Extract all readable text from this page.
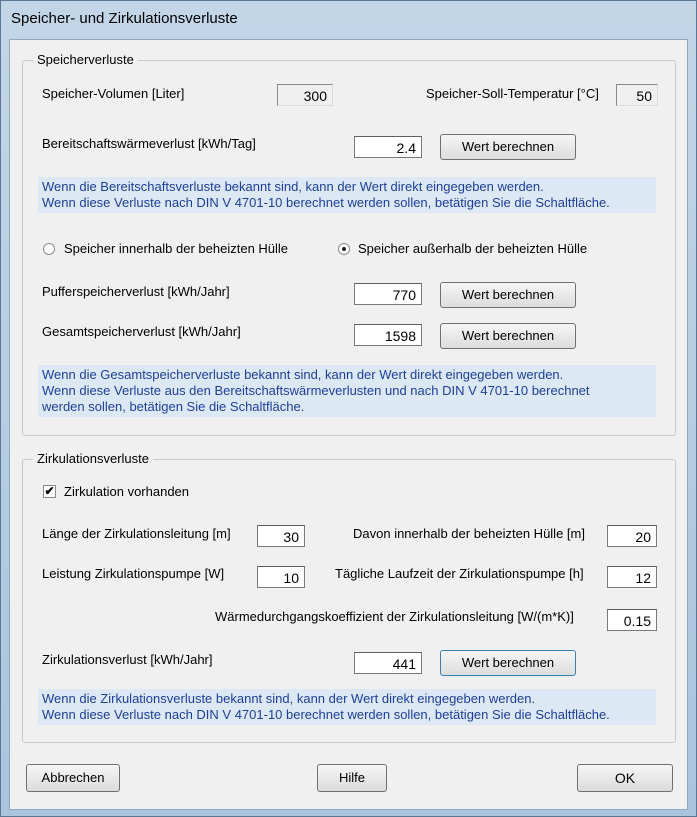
Speicher- und Zirkulationsverluste
Speicherverluste
Speicher-Volumen [Liter]	300	Speicher-Soll-Temperatur [°C]	50
Bereitschaftswärmeverlust [kWh/Tag]	2.4	Wert berechnen
Wenn die Bereitschaftsverluste bekannt sind, kann der Wert direkt eingegeben werden.
Wenn diese Verluste nach DIN V 4701-10 berechnet werden sollen, betätigen Sie die Schaltfläche.
Speicher innerhalb der beheizten Hülle	Speicher außerhalb der beheizten Hülle
Pufferspeicherverlust [kWh/Jahr]	770	Wert berechnen
Gesamtspeicherverlust [kWh/Jahr]	1598	Wert berechnen
Wenn die Gesamtspeicherverluste bekannt sind, kann der Wert direkt eingegeben werden.
Wenn diese Verluste aus den Bereitschaftswärmeverlusten und nach DIN V 4701-10 berechnet
werden sollen, betätigen Sie die Schaltfläche.
Zirkulationsverluste
✔ Zirkulation vorhanden
Länge der Zirkulationsleitung [m]	30	Davon innerhalb der beheizten Hülle [m]	20
Leistung Zirkulationspumpe [W]	10	Tägliche Laufzeit der Zirkulationspumpe [h]	12
Wärmedurchgangskoeffizient der Zirkulationsleitung [W/(m*K)]	0.15
Zirkulationsverlust [kWh/Jahr]	441	Wert berechnen
Wenn die Zirkulationsverluste bekannt sind, kann der Wert direkt eingegeben werden.
Wenn diese Verluste nach DIN V 4701-10 berechnet werden sollen, betätigen Sie die Schaltfläche.
Abbrechen	Hilfe	OK
